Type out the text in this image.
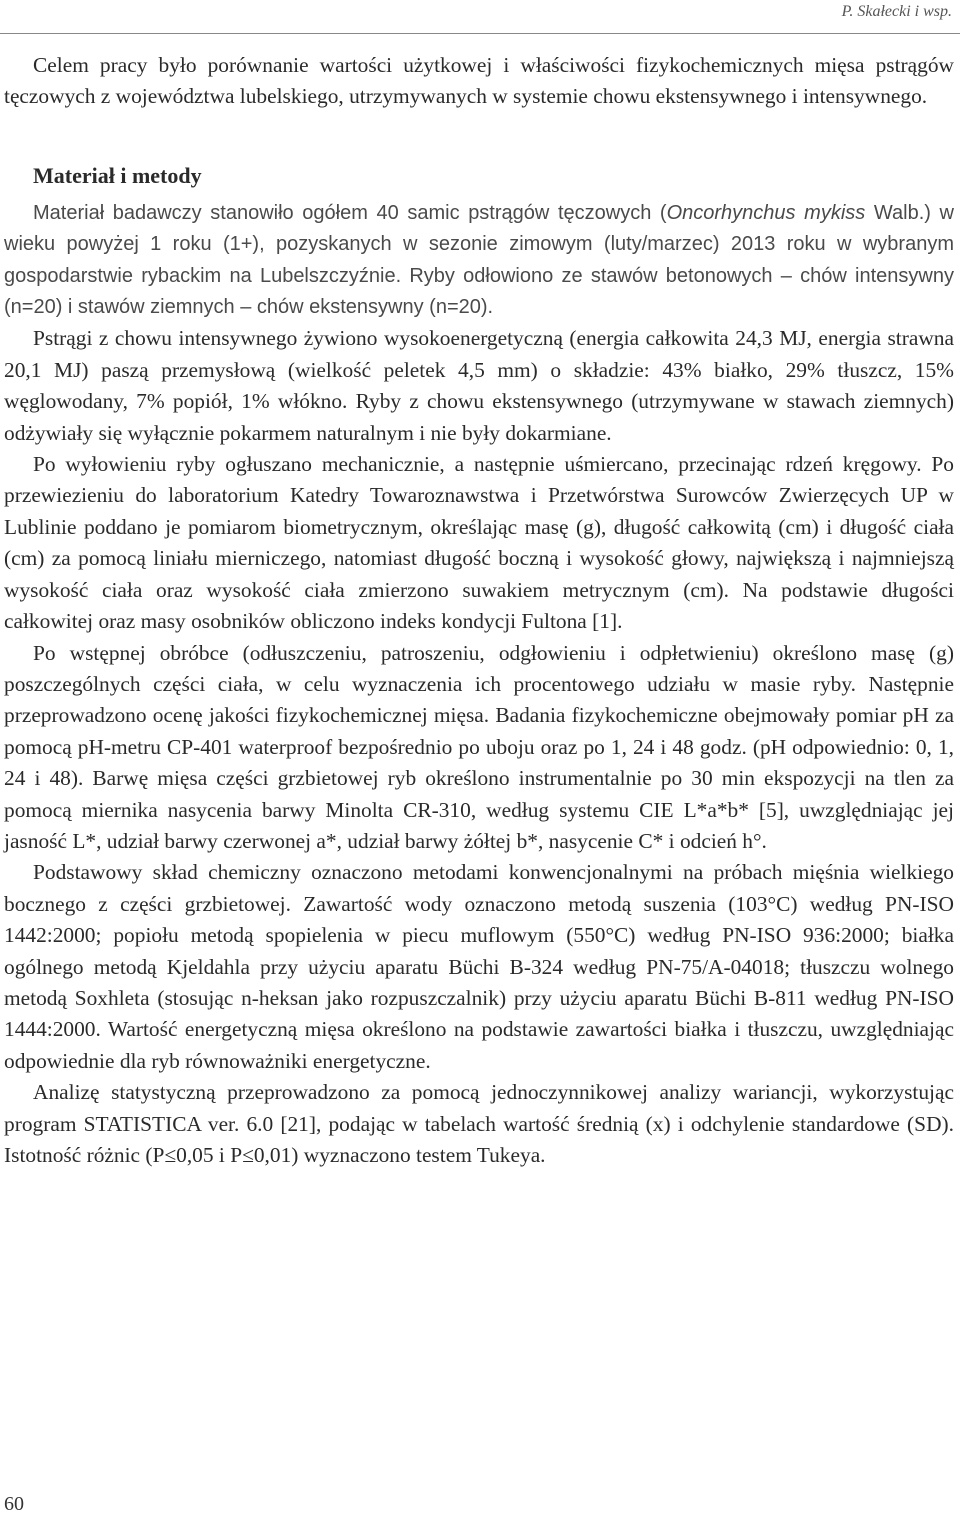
P. Skałecki i wsp.

Celem pracy było porównanie wartości użytkowej i właściwości fizykochemicznych mięsa pstrągów tęczowych z województwa lubelskiego, utrzymywanych w systemie chowu ekstensywnego i intensywnego.

Materiał i metody

Materiał badawczy stanowiło ogółem 40 samic pstrągów tęczowych (Oncorhynchus mykiss Walb.) w wieku powyżej 1 roku (1+), pozyskanych w sezonie zimowym (luty/marzec) 2013 roku w wybranym gospodarstwie rybackim na Lubelszczyźnie. Ryby odłowiono ze stawów betonowych – chów intensywny (n=20) i stawów ziemnych – chów ekstensywny (n=20).

Pstrągi z chowu intensywnego żywiono wysokoenergetyczną (energia całkowita 24,3 MJ, energia strawna 20,1 MJ) paszą przemysłową (wielkość peletek 4,5 mm) o składzie: 43% białko, 29% tłuszcz, 15% węglowodany, 7% popiół, 1% włókno. Ryby z chowu ekstensywnego (utrzymywane w stawach ziemnych) odżywiały się wyłącznie pokarmem naturalnym i nie były dokarmiane.

Po wyłowieniu ryby ogłuszano mechanicznie, a następnie uśmiercano, przecinając rdzeń kręgowy. Po przewiezieniu do laboratorium Katedry Towaroznawstwa i Przetwórstwa Surowców Zwierzęcych UP w Lublinie poddano je pomiarom biometrycznym, określając masę (g), długość całkowitą (cm) i długość ciała (cm) za pomocą liniału mierniczego, natomiast długość boczną i wysokość głowy, największą i najmniejszą wysokość ciała oraz wysokość ciała zmierzono suwakiem metrycznym (cm). Na podstawie długości całkowitej oraz masy osobników obliczono indeks kondycji Fultona [1].

Po wstępnej obróbce (odłuszczeniu, patroszeniu, odgłowieniu i odpłetwieniu) określono masę (g) poszczególnych części ciała, w celu wyznaczenia ich procentowego udziału w masie ryby. Następnie przeprowadzono ocenę jakości fizykochemicznej mięsa. Badania fizykochemiczne obejmowały pomiar pH za pomocą pH-metru CP-401 waterproof bezpośrednio po uboju oraz po 1, 24 i 48 godz. (pH odpowiednio: 0, 1, 24 i 48). Barwę mięsa części grzbietowej ryb określono instrumentalnie po 30 min ekspozycji na tlen za pomocą miernika nasycenia barwy Minolta CR-310, według systemu CIE L*a*b* [5], uwzględniając jej jasność L*, udział barwy czerwonej a*, udział barwy żółtej b*, nasycenie C* i odcień h°.

Podstawowy skład chemiczny oznaczono metodami konwencjonalnymi na próbach mięśnia wielkiego bocznego z części grzbietowej. Zawartość wody oznaczono metodą suszenia (103°C) według PN-ISO 1442:2000; popiołu metodą spopielenia w piecu muflowym (550°C) według PN-ISO 936:2000; białka ogólnego metodą Kjeldahla przy użyciu aparatu Büchi B-324 według PN-75/A-04018; tłuszczu wolnego metodą Soxhleta (stosując n-heksan jako rozpuszczalnik) przy użyciu aparatu Büchi B-811 według PN-ISO 1444:2000. Wartość energetyczną mięsa określono na podstawie zawartości białka i tłuszczu, uwzględniając odpowiednie dla ryb równoważniki energetyczne.

Analizę statystyczną przeprowadzono za pomocą jednoczynnikowej analizy wariancji, wykorzystując program STATISTICA ver. 6.0 [21], podając w tabelach wartość średnią (x) i odchylenie standardowe (SD). Istotność różnic (P≤0,05 i P≤0,01) wyznaczono testem Tukeya.

60
